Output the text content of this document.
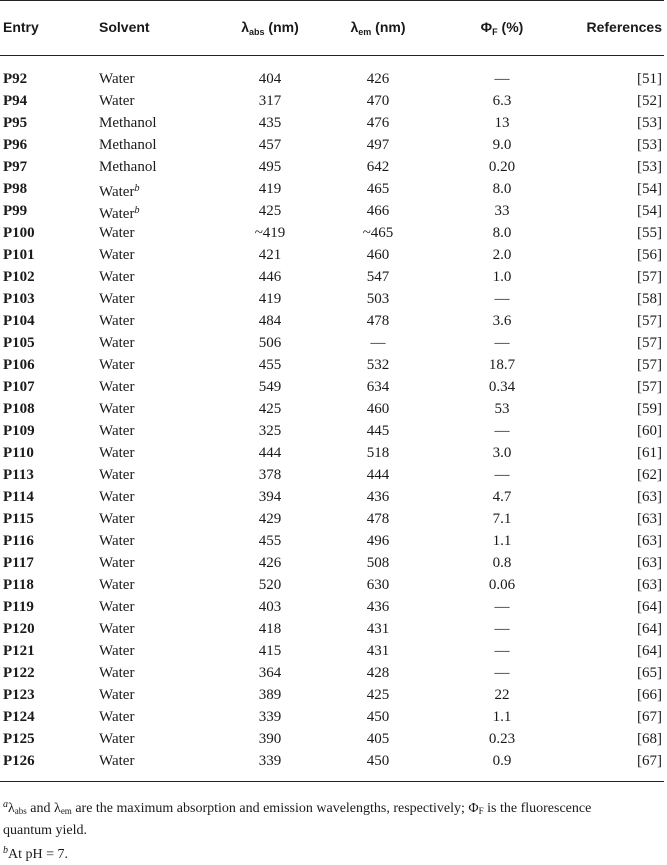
Entry	Solvent	$\lambda_{abs}$ (nm)	$\lambda_{em}$ (nm)	$\Phi_F$ (%)	References
P92	Water	404	426	—	[51]
P94	Water	317	470	6.3	[52]
P95	Methanol	435	476	13	[53]
P96	Methanol	457	497	9.0	[53]
P97	Methanol	495	642	0.20	[53]
P98	Water$^b$	419	465	8.0	[54]
P99	Water$^b$	425	466	33	[54]
P100	Water	~419	~465	8.0	[55]
P101	Water	421	460	2.0	[56]
P102	Water	446	547	1.0	[57]
P103	Water	419	503	—	[58]
P104	Water	484	478	3.6	[57]
P105	Water	506	—	—	[57]
P106	Water	455	532	18.7	[57]
P107	Water	549	634	0.34	[57]
P108	Water	425	460	53	[59]
P109	Water	325	445	—	[60]
P110	Water	444	518	3.0	[61]
P113	Water	378	444	—	[62]
P114	Water	394	436	4.7	[63]
P115	Water	429	478	7.1	[63]
P116	Water	455	496	1.1	[63]
P117	Water	426	508	0.8	[63]
P118	Water	520	630	0.06	[63]
P119	Water	403	436	—	[64]
P120	Water	418	431	—	[64]
P121	Water	415	431	—	[64]
P122	Water	364	428	—	[65]
P123	Water	389	425	22	[66]
P124	Water	339	450	1.1	[67]
P125	Water	390	405	0.23	[68]
P126	Water	339	450	0.9	[67]
$^a\lambda_{abs}$ and $\lambda_{em}$ are the maximum absorption and emission wavelengths, respectively; $\Phi_F$ is the fluorescence quantum yield.
$^b$At pH = 7.
